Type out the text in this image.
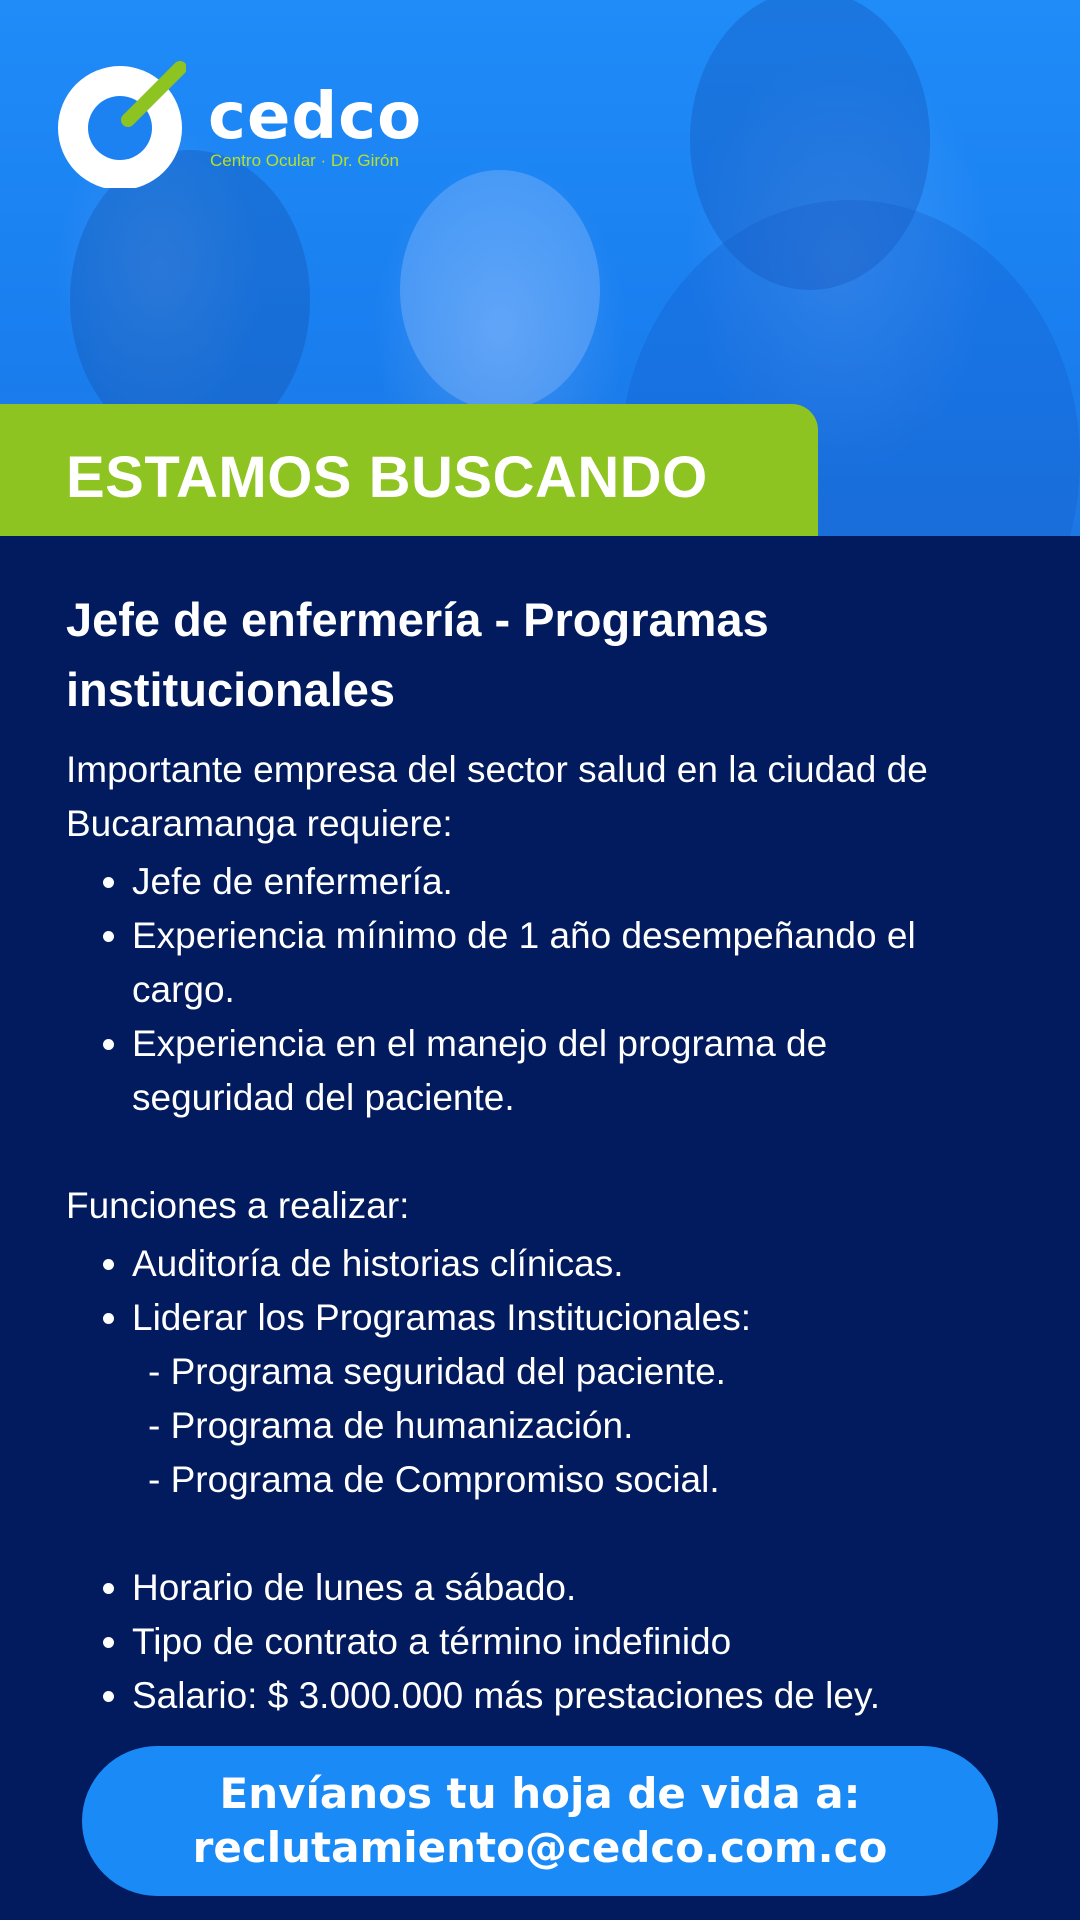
cedco
Centro Ocular · Dr. Girón
ESTAMOS BUSCANDO
Jefe de enfermería - Programas institucionales

Importante empresa del sector salud en la ciudad de Bucaramanga requiere:

• Jefe de enfermería.
• Experiencia mínimo de 1 año desempeñando el cargo.
• Experiencia en el manejo del programa de seguridad del paciente.
Funciones a realizar:
• Auditoría de historias clínicas.
• Liderar los Programas Institucionales:
- Programa seguridad del paciente.
- Programa de humanización.
- Programa de Compromiso social.
• Horario de lunes a sábado.
• Tipo de contrato a término indefinido
• Salario: $ 3.000.000 más prestaciones de ley.
Envíanos tu hoja de vida a:
reclutamiento@cedco.com.co
